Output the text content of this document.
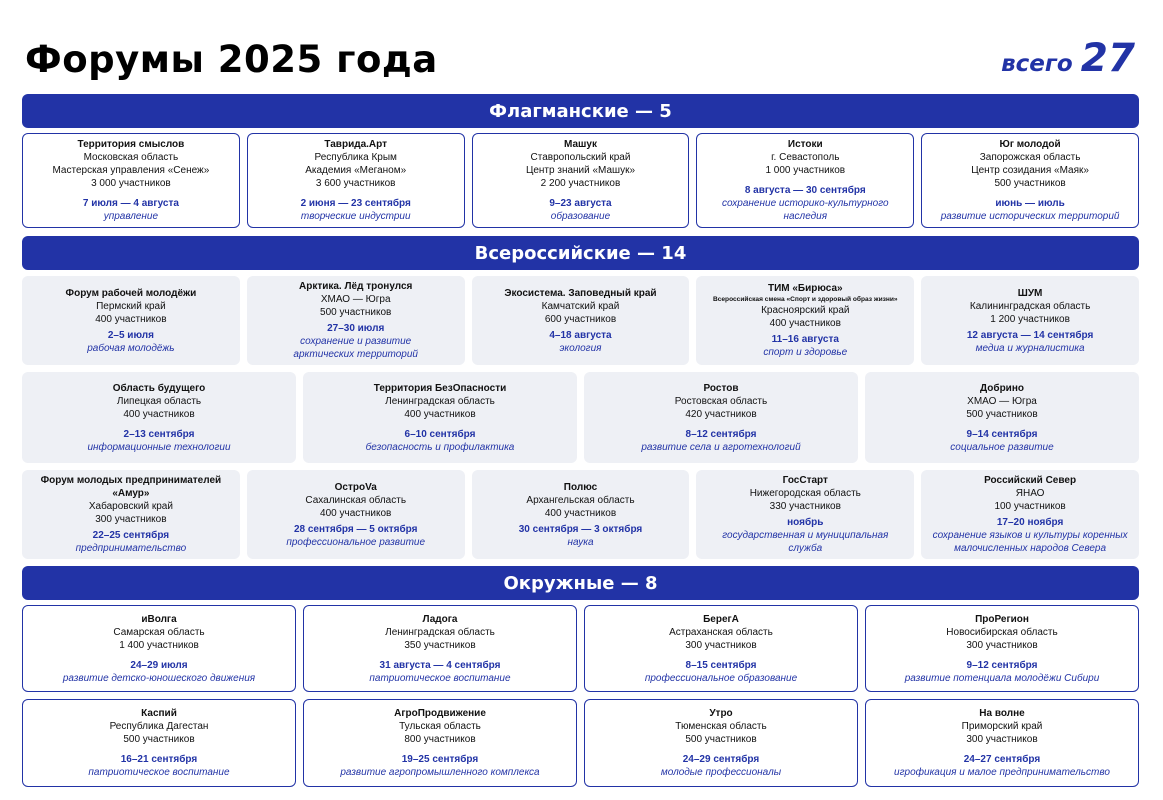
Форумы 2025 года	всего 27
Флагманские — 5
Территория смыслов
Московская область
Мастерская управления «Сенеж»
3 000 участников
7 июля — 4 августа
управление
Таврида.Арт
Республика Крым
Академия «Меганом»
3 600 участников
2 июня — 23 сентября
творческие индустрии
Машук
Ставропольский край
Центр знаний «Машук»
2 200 участников
9–23 августа
образование
Истоки
г. Севастополь
1 000 участников
8 августа — 30 сентября
сохранение историко-культурного
наследия
Юг молодой
Запорожская область
Центр созидания «Маяк»
500 участников
июнь — июль
развитие исторических территорий
Всероссийские — 14
Форум рабочей молодёжи
Пермский край
400 участников
2–5 июля
рабочая молодёжь
Арктика. Лёд тронулся
ХМАО — Югра
500 участников
27–30 июля
сохранение и развитие
арктических территорий
Экосистема. Заповедный край
Камчатский край
600 участников
4–18 августа
экология
ТИМ «Бирюса»
Всероссийская смена «Спорт и здоровый образ жизни»
Красноярский край
400 участников
11–16 августа
спорт и здоровье
ШУМ
Калининградская область
1 200 участников
12 августа — 14 сентября
медиа и журналистика
Область будущего
Липецкая область
400 участников
2–13 сентября
информационные технологии
Территория БезОпасности
Ленинградская область
400 участников
6–10 сентября
безопасность и профилактика
Ростов
Ростовская область
420 участников
8–12 сентября
развитие села и агротехнологий
Добрино
ХМАО — Югра
500 участников
9–14 сентября
социальное развитие
Форум молодых предпринимателей «Амур»
Хабаровский край
300 участников
22–25 сентября
предпринимательство
ОстроVa
Сахалинская область
400 участников
28 сентября — 5 октября
профессиональное развитие
Полюс
Архангельская область
400 участников
30 сентября — 3 октября
наука
ГосСтарт
Нижегородская область
330 участников
ноябрь
государственная и муниципальная
служба
Российский Север
ЯНАО
100 участников
17–20 ноября
сохранение языков и культуры коренных
малочисленных народов Севера
Окружные — 8
иВолга
Самарская область
1 400 участников
24–29 июля
развитие детско-юношеского движения
Ладога
Ленинградская область
350 участников
31 августа — 4 сентября
патриотическое воспитание
БерегА
Астраханская область
300 участников
8–15 сентября
профессиональное образование
ПроРегион
Новосибирская область
300 участников
9–12 сентября
развитие потенциала молодёжи Сибири
Каспий
Республика Дагестан
500 участников
16–21 сентября
патриотическое воспитание
АгроПродвижение
Тульская область
800 участников
19–25 сентября
развитие агропромышленного комплекса
Утро
Тюменская область
500 участников
24–29 сентября
молодые профессионалы
На волне
Приморский край
300 участников
24–27 сентября
игрофикация и малое предпринимательство
